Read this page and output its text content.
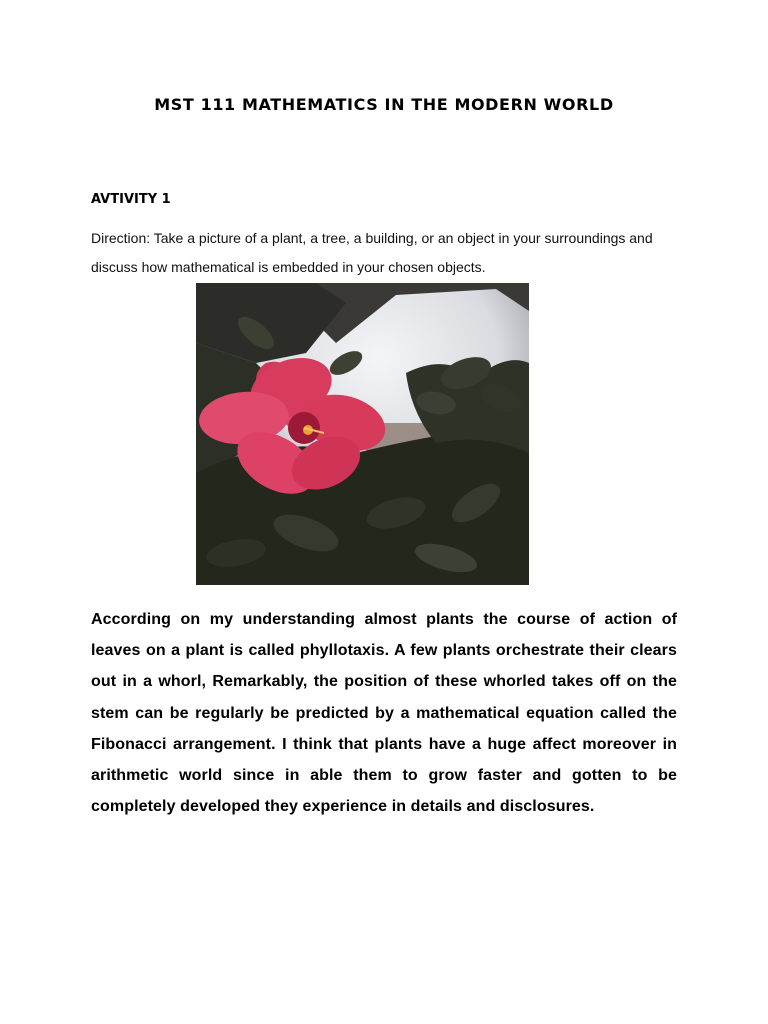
MST 111 MATHEMATICS IN THE MODERN WORLD
AVTIVITY 1
Direction: Take a picture of a plant, a tree, a building, or an object in your surroundings and discuss how mathematical is embedded in your chosen objects.
According on my understanding almost plants the course of action of leaves on a plant is called phyllotaxis. A few plants orchestrate their clears out in a whorl, Remarkably, the position of these whorled takes off on the stem can be regularly be predicted by a mathematical equation called the Fibonacci arrangement. I think that plants have a huge affect moreover in arithmetic world since in able them to grow faster and gotten to be completely developed they experience in details and disclosures.
